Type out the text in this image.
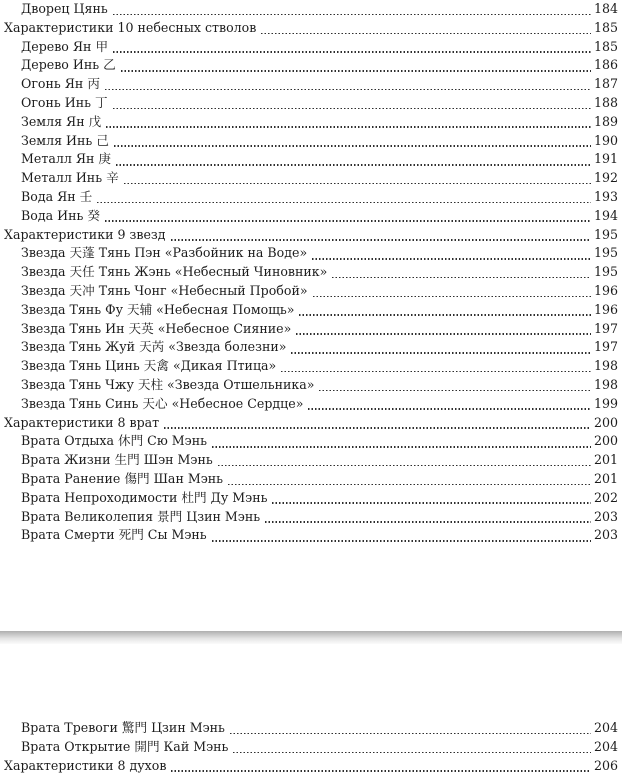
Дворец Цянь	184
Характеристики 10 небесных стволов	185
Дерево Ян 甲	185
Дерево Инь 乙	186
Огонь Ян 丙	187
Огонь Инь 丁	188
Земля Ян 戊	189
Земля Инь 己	190
Металл Ян 庚	191
Металл Инь 辛	192
Вода Ян 壬	193
Вода Инь 癸	194
Характеристики 9 звезд	195
Звезда 天蓬 Тянь Пэн «Разбойник на Воде»	195
Звезда 天任 Тянь Жэнь «Небесный Чиновник»	195
Звезда 天冲 Тянь Чонг «Небесный Пробой»	196
Звезда Тянь Фу 天辅 «Небесная Помощь»	196
Звезда Тянь Ин 天英 «Небесное Сияние»	197
Звезда Тянь Жуй 天芮 «Звезда болезни»	197
Звезда Тянь Цинь 天禽 «Дикая Птица»	198
Звезда Тянь Чжу 天柱 «Звезда Отшельника»	198
Звезда Тянь Синь 天心 «Небесное Сердце»	199
Характеристики 8 врат	200
Врата Отдыха 休門 Сю Мэнь	200
Врата Жизни 生門 Шэн Мэнь	201
Врата Ранение 傷門 Шан Мэнь	201
Врата Непроходимости 杜門 Ду Мэнь	202
Врата Великолепия 景門 Цзин Мэнь	203
Врата Смерти 死門 Сы Мэнь	203
Врата Тревоги 驚門 Цзин Мэнь	204
Врата Открытие 開門 Кай Мэнь	204
Характеристики 8 духов	206
